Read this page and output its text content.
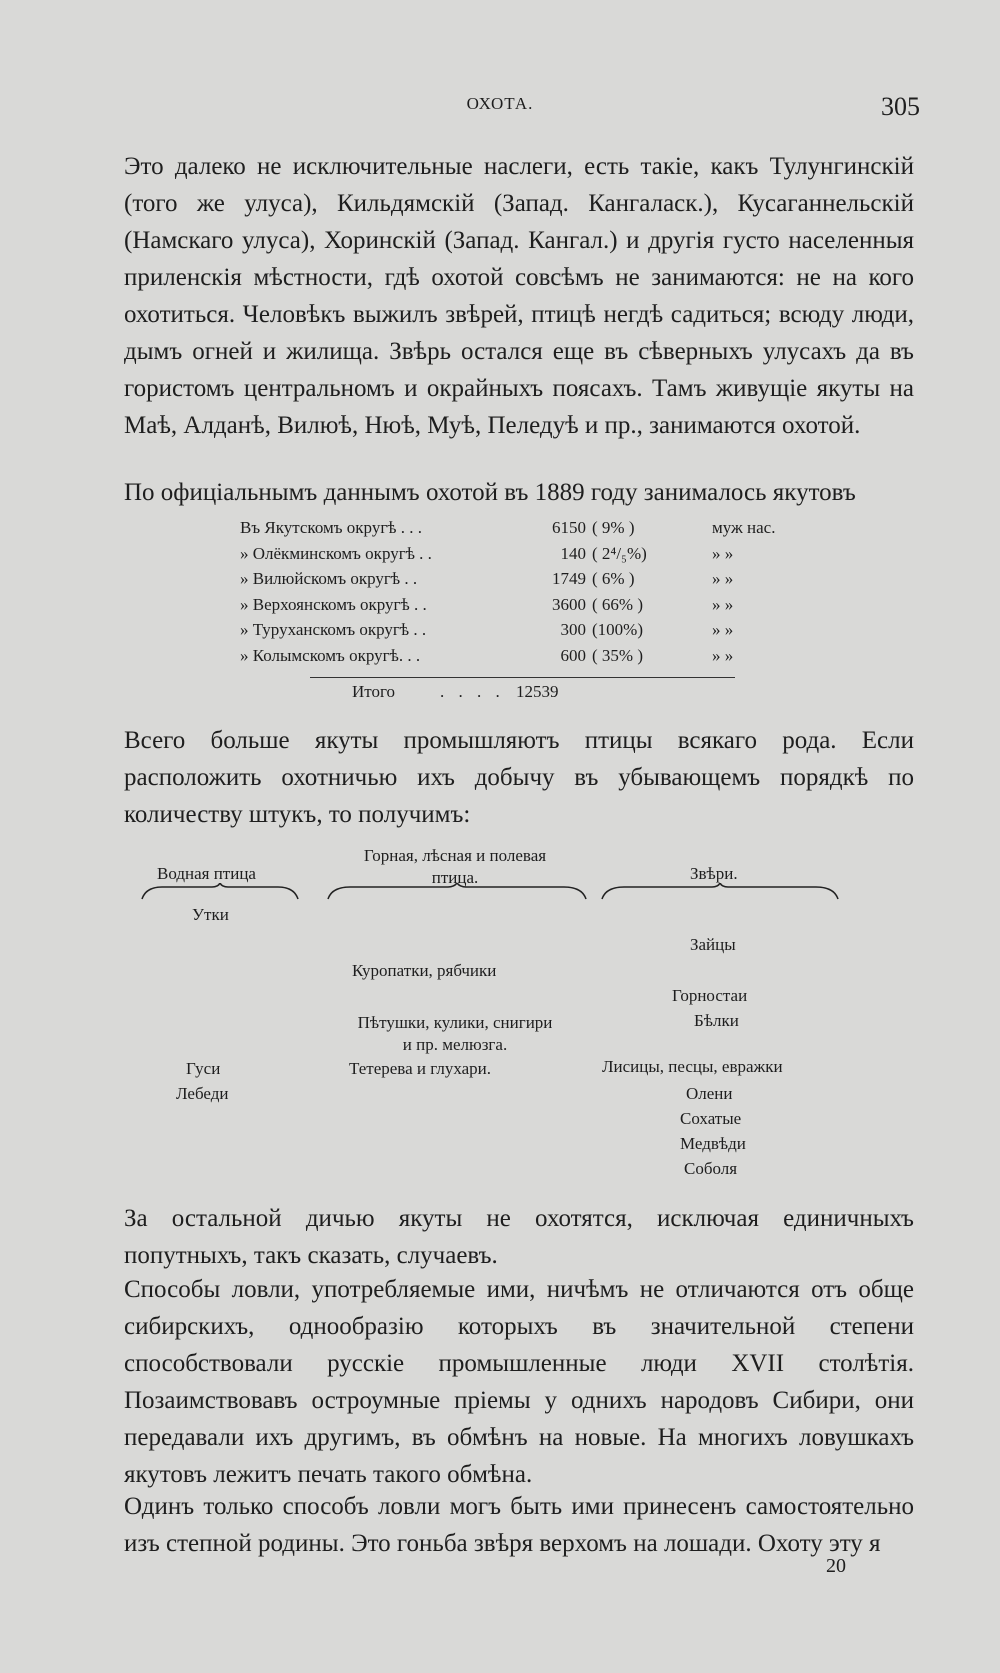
ОХОТА.	305
Это далеко не исключительные наслеги, есть такіе, какъ Тулунгинскій (того же улуса), Кильдямскій (Запад. Кангаласк.), Кусаганнельскій (Намскаго улуса), Хоринскій (Запад. Кангал.) и другія густо населенныя приленскія мѣстности, гдѣ охотой совсѣмъ не занимаются: не на кого охотиться. Человѣкъ выжилъ звѣрей, птицѣ негдѣ садиться; всюду люди, дымъ огней и жилища. Звѣрь остался еще въ сѣверныхъ улусахъ да въ гористомъ центральномъ и окрайныхъ поясахъ. Тамъ живущіе якуты на Маѣ, Алданѣ, Вилюѣ, Нюѣ, Муѣ, Пеледуѣ и пр., занимаются охотой.
По офиціальнымъ даннымъ охотой въ 1889 году занималось якутовъ
Въ Якутскомъ округѣ . . .	6150 ( 9% )	муж нас.
» Олёкминскомъ округѣ . .	140 ( 2⁴/₅%)	» »
» Вилюйскомъ округѣ . .	1749 ( 6% )	» »
» Верхоянскомъ округѣ . .	3600 ( 66% )	» »
» Туруханскомъ округѣ . .	300 (100%)	» »
» Колымскомъ округѣ. . .	600 ( 35% )	» »
Итого	. . . . 12539
Всего больше якуты промышляютъ птицы всякаго рода. Если расположить охотничью ихъ добычу въ убывающемъ порядкѣ по количеству штукъ, то получимъ:
Водная птица
Горная, лѣсная и полевая
птица.	Звѣри.
Утки
Зайцы
Куропатки, рябчики
Горностаи
Бѣлки
Пѣтушки, кулики, снигири
и пр. мелюзга.
Гуси	Тетерева и глухари.	Лисицы, песцы, евражки
Лебеди	Олени
Сохатые
Медвѣди
Соболя
За остальной дичью якуты не охотятся, исключая единичныхъ попутныхъ, такъ сказать, случаевъ.
Способы ловли, употребляемые ими, ничѣмъ не отличаются отъ обще сибирскихъ, однообразію которыхъ въ значительной степени способствовали русскіе промышленные люди XVII столѣтія. Позаимствовавъ остроумные пріемы у однихъ народовъ Сибири, они передавали ихъ другимъ, въ обмѣнъ на новые. На многихъ ловушкахъ якутовъ лежитъ печать такого обмѣна.
Одинъ только способъ ловли могъ быть ими принесенъ самостоятельно изъ степной родины. Это гоньба звѣря верхомъ на лошади. Охоту эту я
20
